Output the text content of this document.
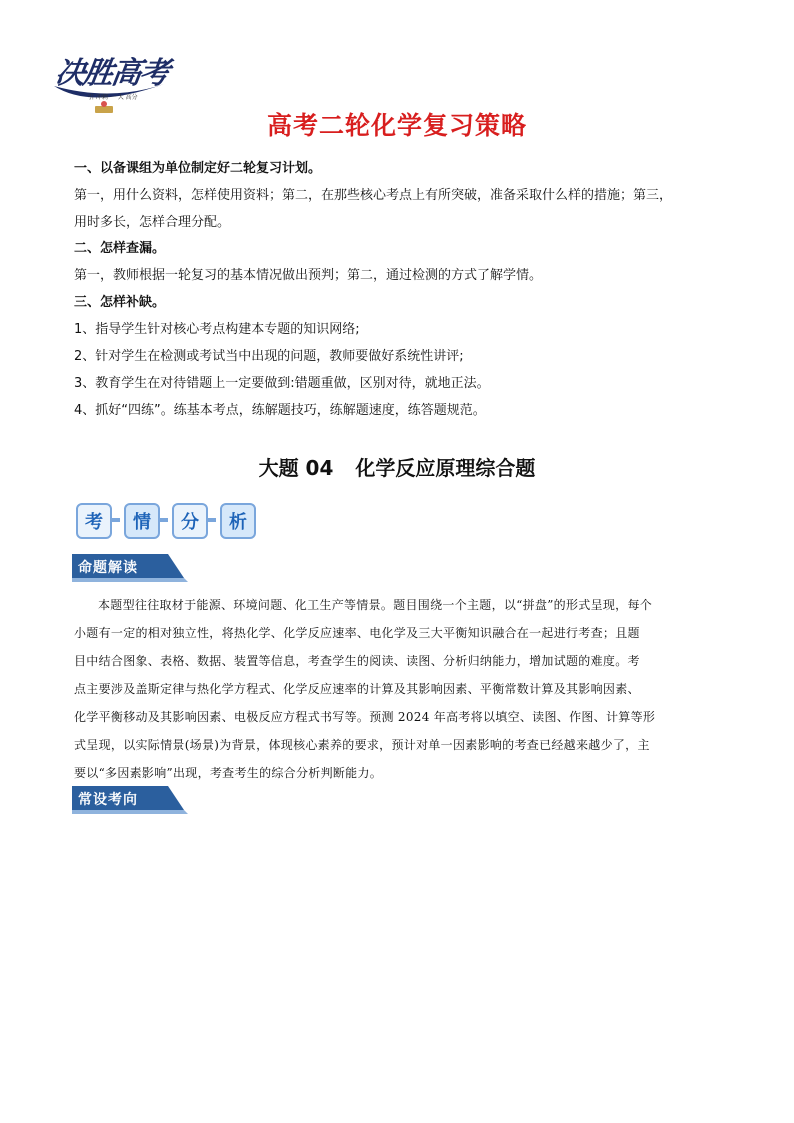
决胜高考
引 冲刺 一 大 高分
高考二轮化学复习策略
一、以备课组为单位制定好二轮复习计划。
第一，用什么资料，怎样使用资料；第二，在那些核心考点上有所突破，准备采取什么样的措施；第三，
用时多长，怎样合理分配。
二、怎样查漏。
第一，教师根据一轮复习的基本情况做出预判；第二，通过检测的方式了解学情。
三、怎样补缺。
1、指导学生针对核心考点构建本专题的知识网络;
2、针对学生在检测或考试当中出现的问题，教师要做好系统性讲评;
3、教育学生在对待错题上一定要做到:错题重做，区别对待，就地正法。
4、抓好“四练”。练基本考点，练解题技巧，练解题速度，练答题规范。
大题 04 化学反应原理综合题
考	情	分	析
命题解读
本题型往往取材于能源、环境问题、化工生产等情景。题目围绕一个主题，以“拼盘”的形式呈现，每个
小题有一定的相对独立性，将热化学、化学反应速率、电化学及三大平衡知识融合在一起进行考查；且题
目中结合图象、表格、数据、装置等信息，考查学生的阅读、读图、分析归纳能力，增加试题的难度。考
点主要涉及盖斯定律与热化学方程式、化学反应速率的计算及其影响因素、平衡常数计算及其影响因素、
化学平衡移动及其影响因素、电极反应方程式书写等。预测 2024 年高考将以填空、读图、作图、计算等形
式呈现，以实际情景(场景)为背景，体现核心素养的要求，预计对单一因素影响的考查已经越来越少了，主
要以“多因素影响”出现，考查考生的综合分析判断能力。
常设考向
